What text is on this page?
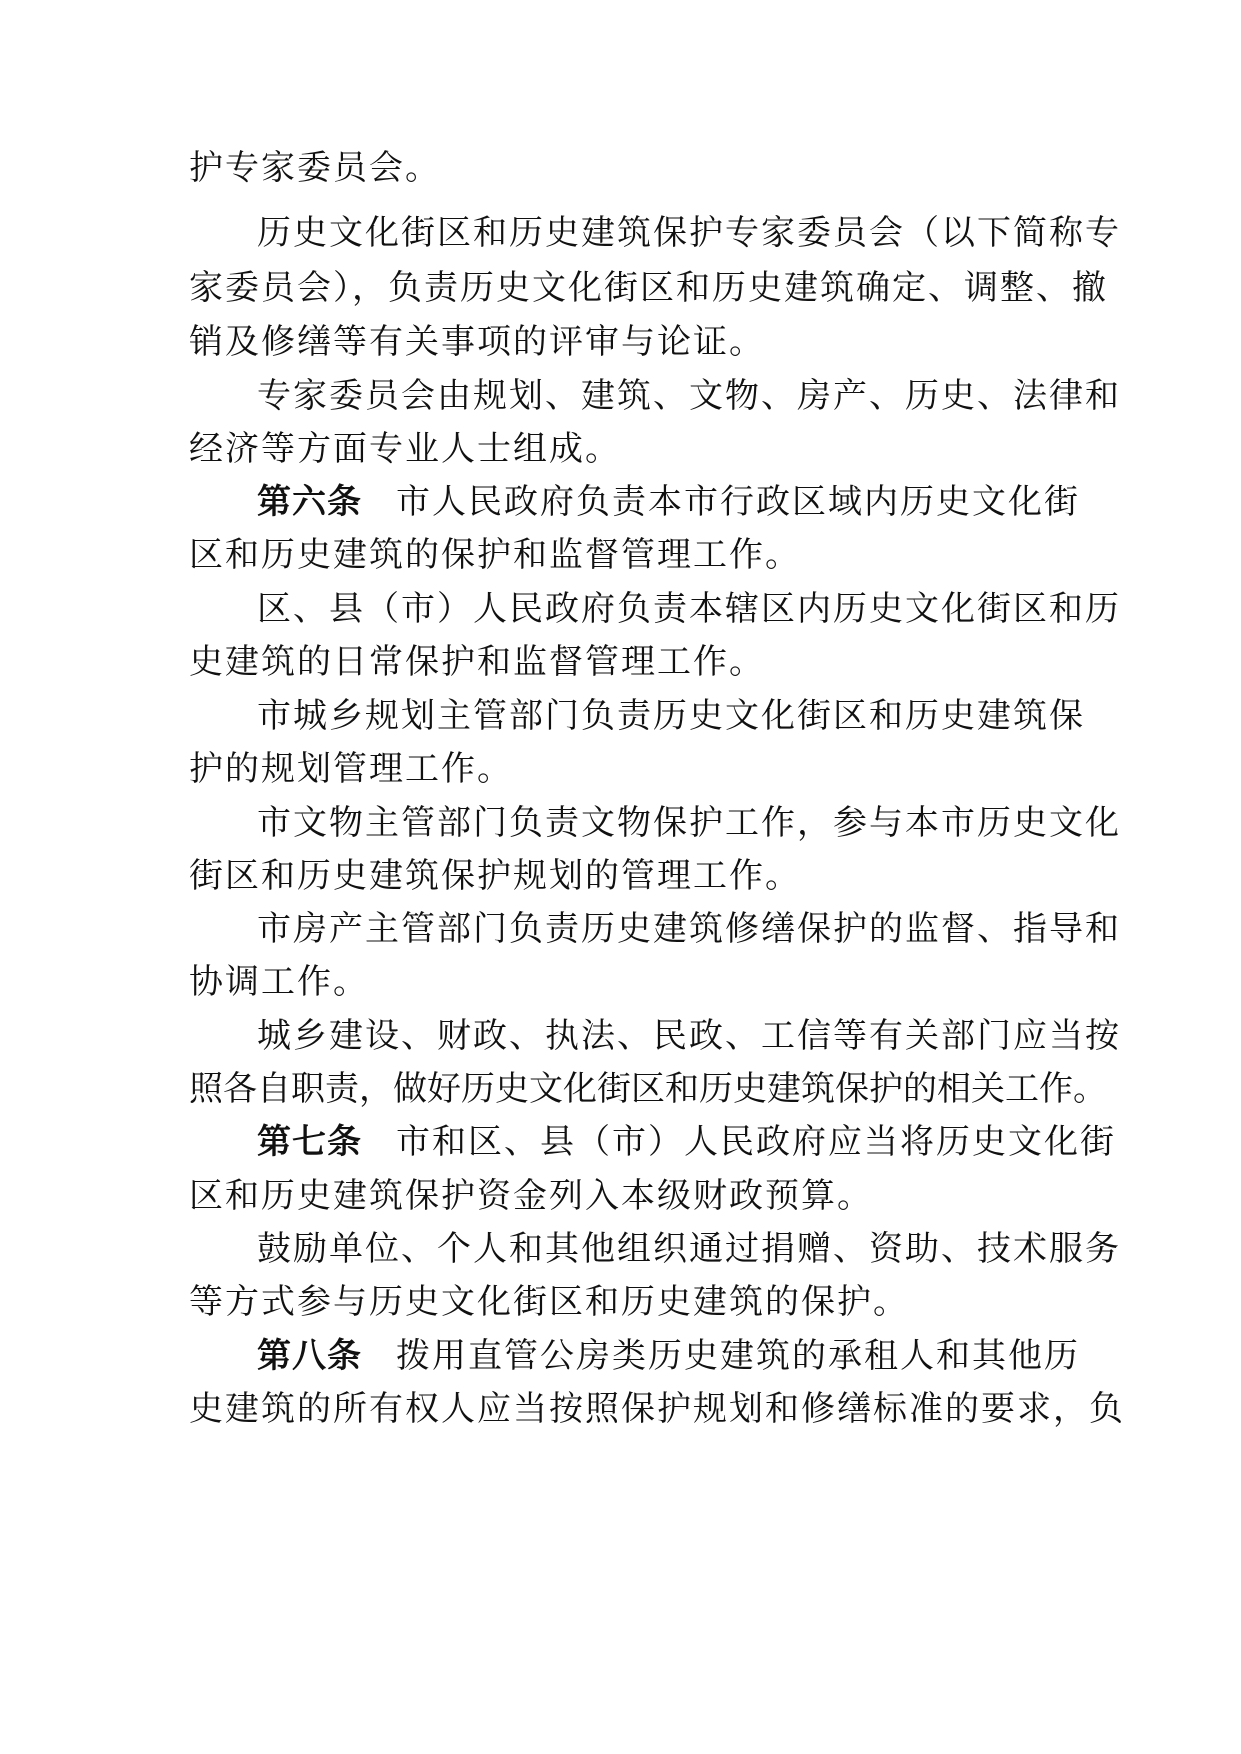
护专家委员会。
历史文化街区和历史建筑保护专家委员会（以下简称专
家委员会），负责历史文化街区和历史建筑确定、调整、撤
销及修缮等有关事项的评审与论证。
专家委员会由规划、建筑、文物、房产、历史、法律和
经济等方面专业人士组成。
第六条 市人民政府负责本市行政区域内历史文化街
区和历史建筑的保护和监督管理工作。
区、县（市）人民政府负责本辖区内历史文化街区和历
史建筑的日常保护和监督管理工作。
市城乡规划主管部门负责历史文化街区和历史建筑保
护的规划管理工作。
市文物主管部门负责文物保护工作，参与本市历史文化
街区和历史建筑保护规划的管理工作。
市房产主管部门负责历史建筑修缮保护的监督、指导和
协调工作。
城乡建设、财政、执法、民政、工信等有关部门应当按
照各自职责，做好历史文化街区和历史建筑保护的相关工作。
第七条 市和区、县（市）人民政府应当将历史文化街
区和历史建筑保护资金列入本级财政预算。
鼓励单位、个人和其他组织通过捐赠、资助、技术服务
等方式参与历史文化街区和历史建筑的保护。
第八条 拨用直管公房类历史建筑的承租人和其他历
史建筑的所有权人应当按照保护规划和修缮标准的要求，负
